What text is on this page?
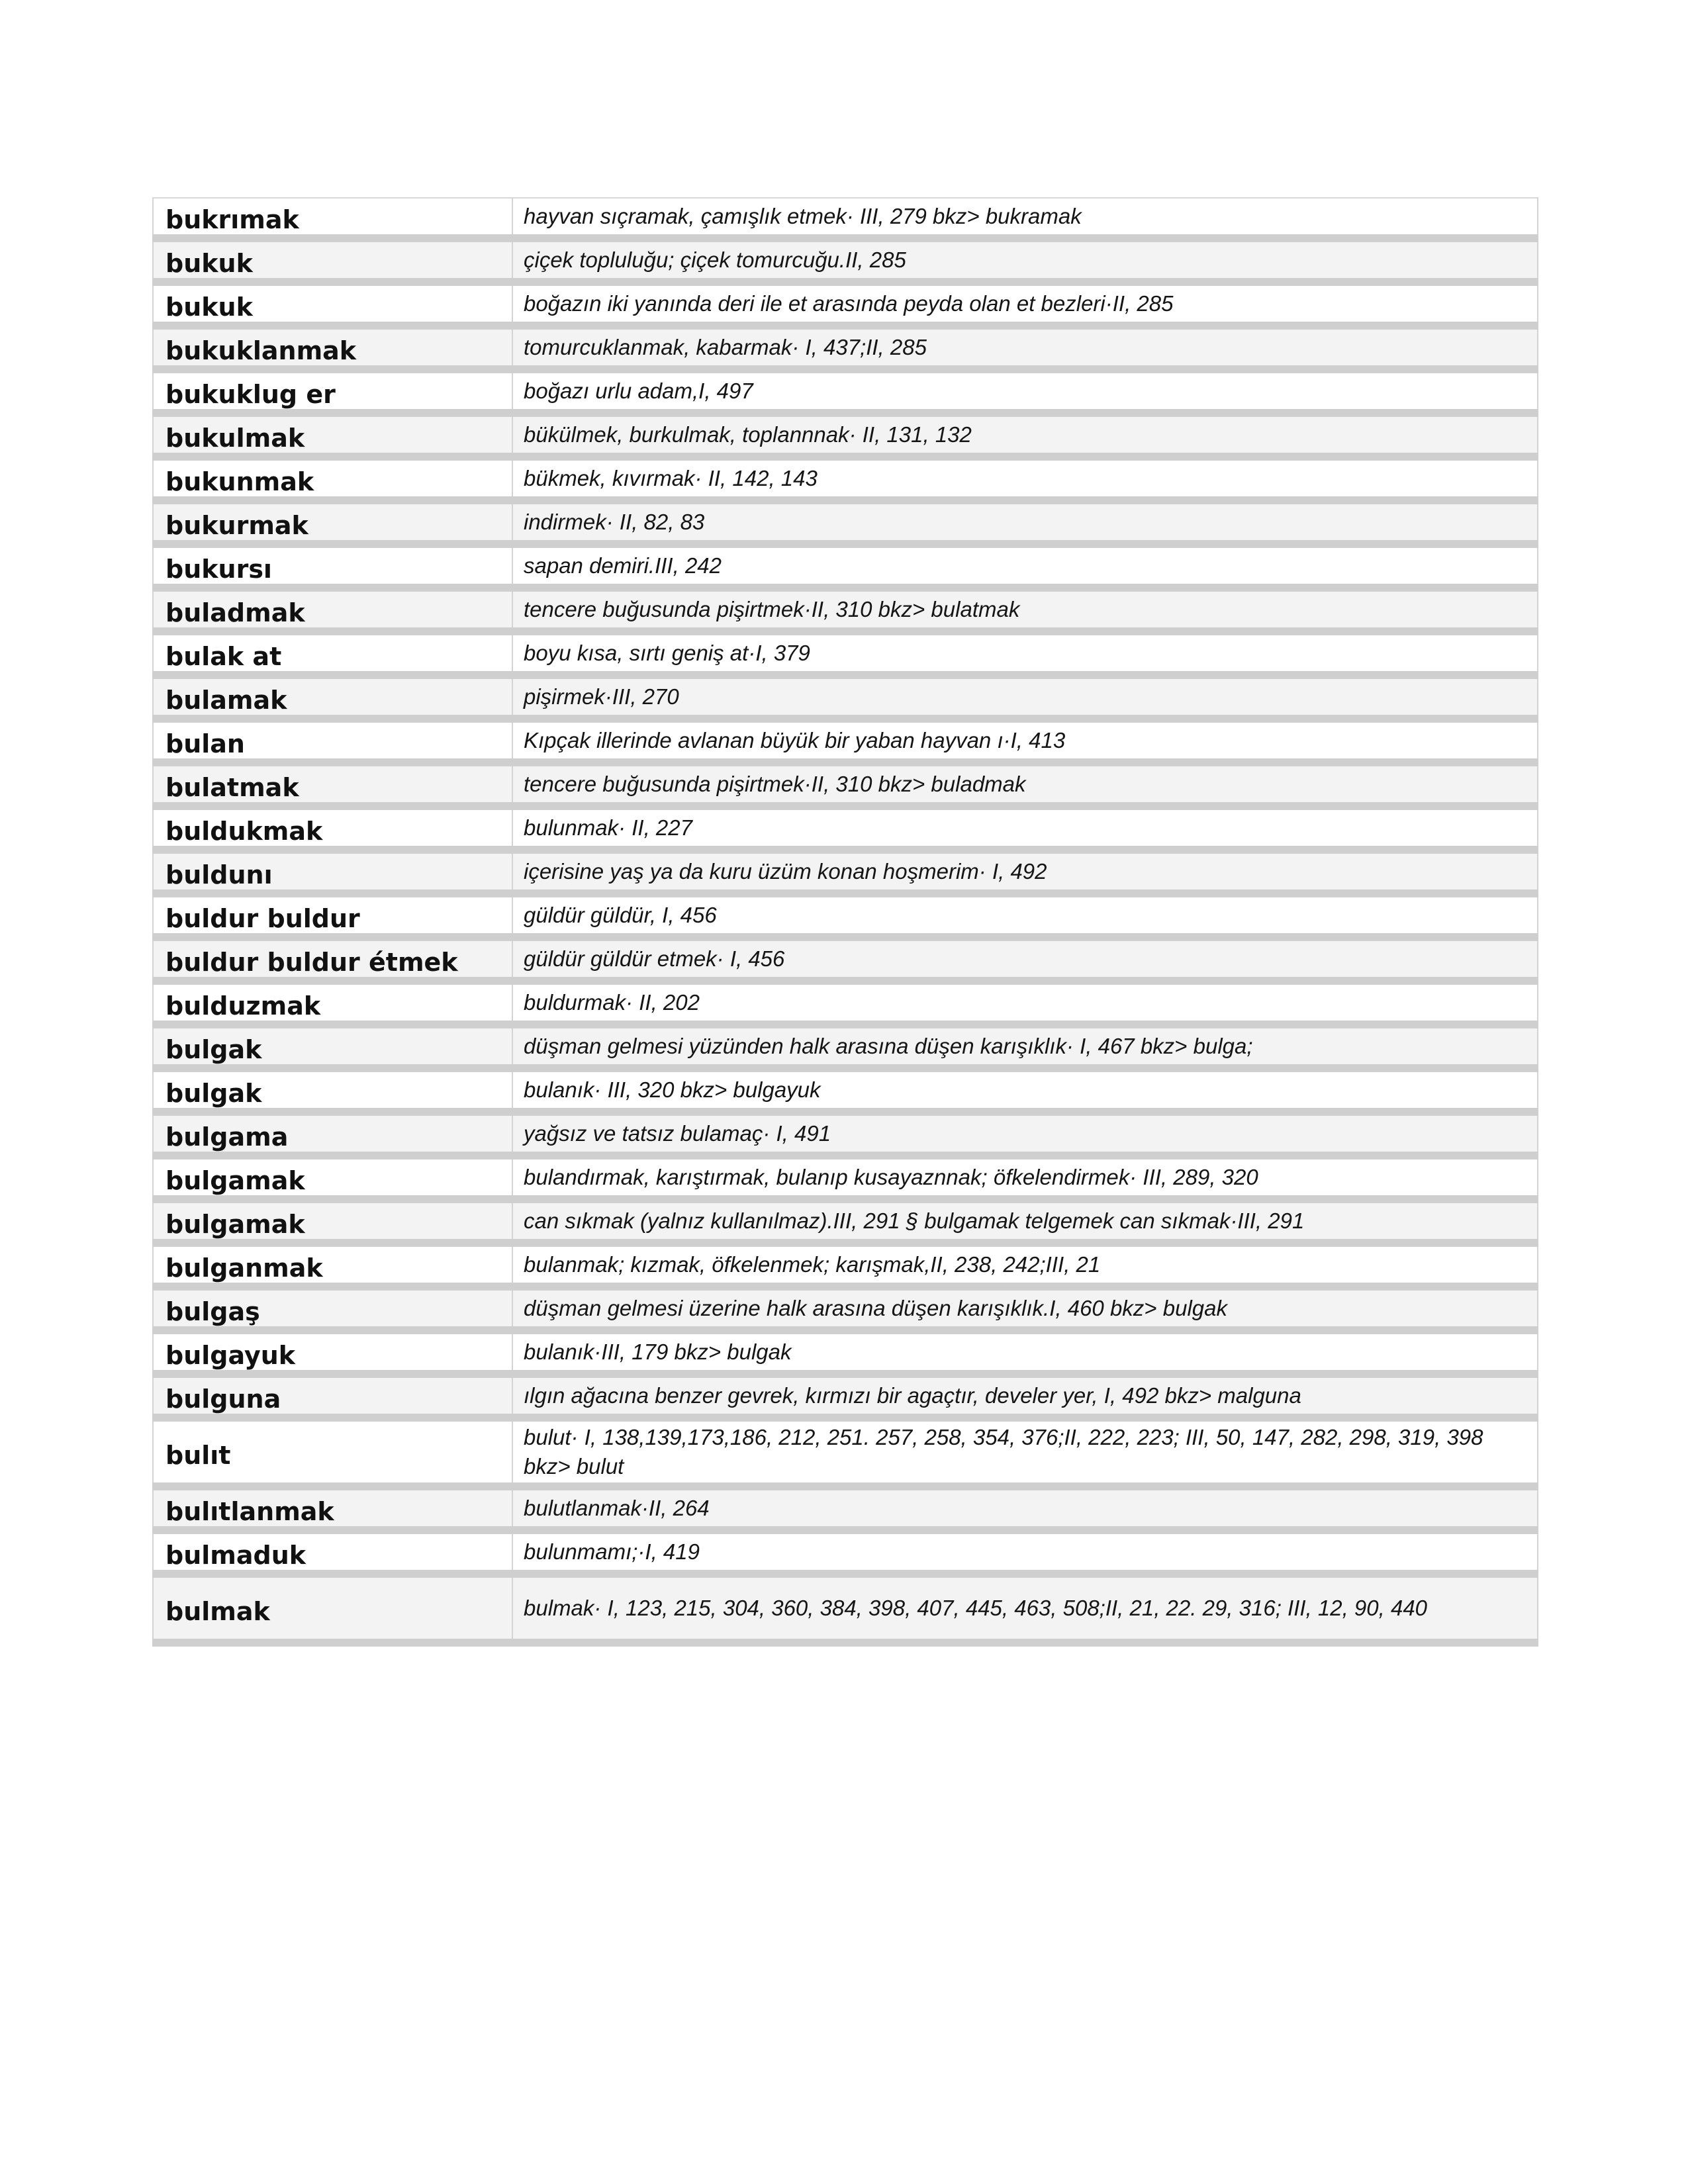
bukrımak	hayvan sıçramak, çamışlık etmek· III, 279 bkz> bukramak
bukuk	çiçek topluluğu; çiçek tomurcuğu.II, 285
bukuk	boğazın iki yanında deri ile et arasında peyda olan et bezleri·II, 285
bukuklanmak	tomurcuklanmak, kabarmak· I, 437;II, 285
bukuklug er	boğazı urlu adam,I, 497
bukulmak	bükülmek, burkulmak, toplannnak· II, 131, 132
bukunmak	bükmek, kıvırmak· II, 142, 143
bukurmak	indirmek· II, 82, 83
bukursı	sapan demiri.III, 242
buladmak	tencere buğusunda pişirtmek·II, 310 bkz> bulatmak
bulak at	boyu kısa, sırtı geniş at·I, 379
bulamak	pişirmek·III, 270
bulan	Kıpçak illerinde avlanan büyük bir yaban hayvan ı·I, 413
bulatmak	tencere buğusunda pişirtmek·II, 310 bkz> buladmak
buldukmak	bulunmak· II, 227
buldunı	içerisine yaş ya da kuru üzüm konan hoşmerim· I, 492
buldur buldur	güldür güldür, I, 456
buldur buldur étmek	güldür güldür etmek· I, 456
bulduzmak	buldurmak· II, 202
bulgak	düşman gelmesi yüzünden halk arasına düşen karışıklık· I, 467 bkz> bulga;
bulgak	bulanık· III, 320 bkz> bulgayuk
bulgama	yağsız ve tatsız bulamaç· I, 491
bulgamak	bulandırmak, karıştırmak, bulanıp kusayaznnak; öfkelendirmek· III, 289, 320
bulgamak	can sıkmak (yalnız kullanılmaz).III, 291 § bulgamak telgemek can sıkmak·III, 291
bulganmak	bulanmak; kızmak, öfkelenmek; karışmak,II, 238, 242;III, 21
bulgaş	düşman gelmesi üzerine halk arasına düşen karışıklık.I, 460 bkz> bulgak
bulgayuk	bulanık·III, 179 bkz> bulgak
bulguna	ılgın ağacına benzer gevrek, kırmızı bir agaçtır, develer yer, I, 492 bkz> malguna
bulıt	bulut· I, 138,139,173,186, 212, 251. 257, 258, 354, 376;II, 222, 223; III, 50, 147, 282, 298, 319, 398 bkz> bulut
bulıtlanmak	bulutlanmak·II, 264
bulmaduk	bulunmamı;·I, 419
bulmak	bulmak· I, 123, 215, 304, 360, 384, 398, 407, 445, 463, 508;II, 21, 22. 29, 316; III, 12, 90, 440
